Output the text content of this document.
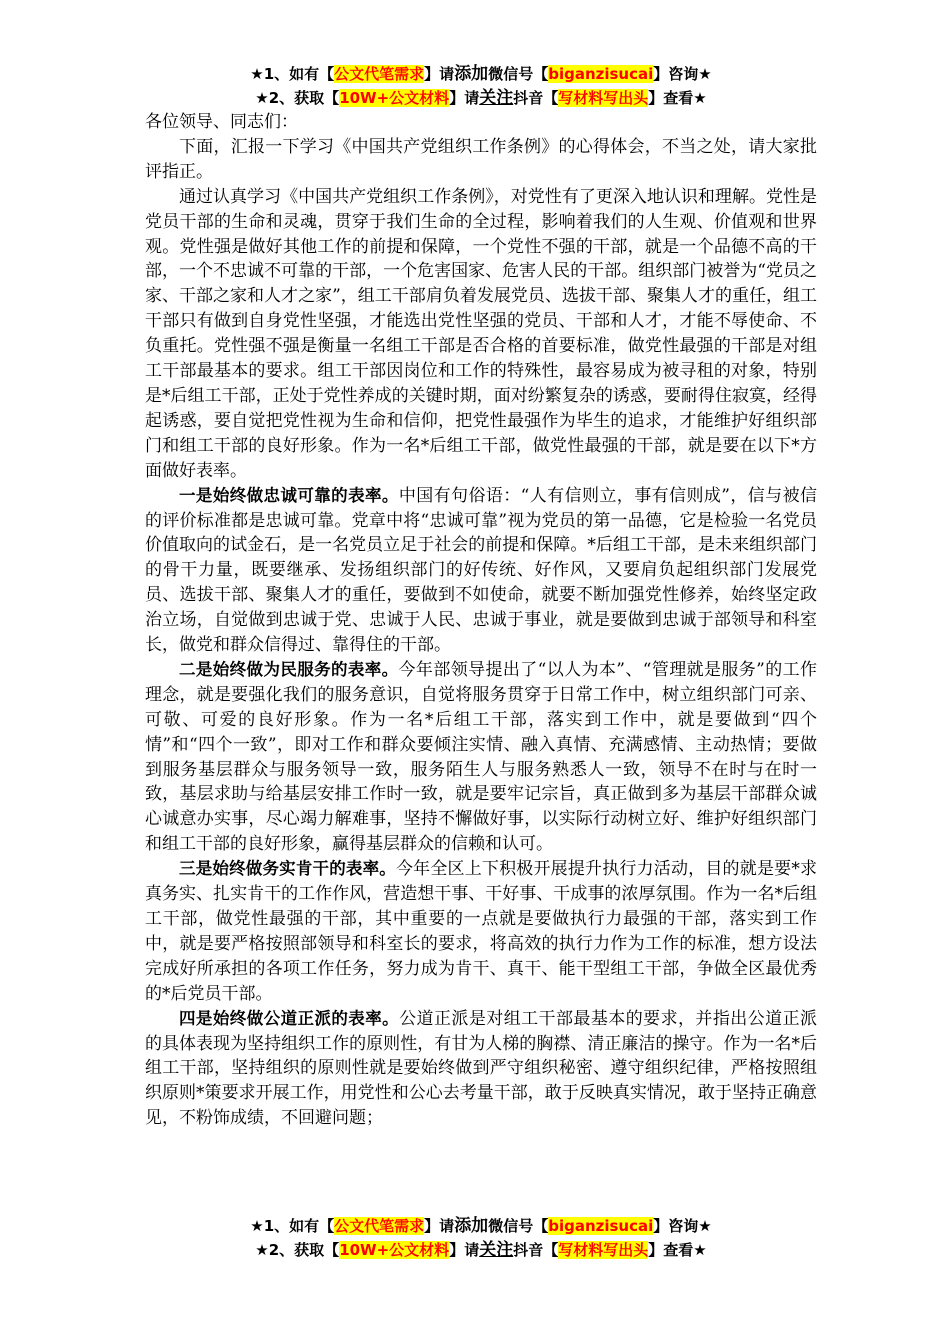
★1、如有【公文代笔需求】请添加微信号【biganzisucai】咨询★
★2、获取【10W+公文材料】请关注抖音【写材料写出头】查看★

各位领导、同志们：

下面，汇报一下学习《中国共产党组织工作条例》的心得体会，不当之处，请大家批评指正。

通过认真学习《中国共产党组织工作条例》，对党性有了更深入地认识和理解。党性是党员干部的生命和灵魂，贯穿于我们生命的全过程，影响着我们的人生观、价值观和世界观。党性强是做好其他工作的前提和保障，一个党性不强的干部，就是一个品德不高的干部，一个不忠诚不可靠的干部，一个危害国家、危害人民的干部。组织部门被誉为“党员之家、干部之家和人才之家”，组工干部肩负着发展党员、选拔干部、聚集人才的重任，组工干部只有做到自身党性坚强，才能选出党性坚强的党员、干部和人才，才能不辱使命、不负重托。党性强不强是衡量一名组工干部是否合格的首要标准，做党性最强的干部是对组工干部最基本的要求。组工干部因岗位和工作的特殊性，最容易成为被寻租的对象，特别是*后组工干部，正处于党性养成的关键时期，面对纷繁复杂的诱惑，要耐得住寂寞，经得起诱惑，要自觉把党性视为生命和信仰，把党性最强作为毕生的追求，才能维护好组织部门和组工干部的良好形象。作为一名*后组工干部，做党性最强的干部，就是要在以下*方面做好表率。

一是始终做忠诚可靠的表率。中国有句俗语：“人有信则立，事有信则成”，信与被信的评价标准都是忠诚可靠。党章中将“忠诚可靠”视为党员的第一品德，它是检验一名党员价值取向的试金石，是一名党员立足于社会的前提和保障。*后组工干部，是未来组织部门的骨干力量，既要继承、发扬组织部门的好传统、好作风，又要肩负起组织部门发展党员、选拔干部、聚集人才的重任，要做到不如使命，就要不断加强党性修养，始终坚定政治立场，自觉做到忠诚于党、忠诚于人民、忠诚于事业，就是要做到忠诚于部领导和科室长，做党和群众信得过、靠得住的干部。

二是始终做为民服务的表率。今年部领导提出了“以人为本”、“管理就是服务”的工作理念，就是要强化我们的服务意识，自觉将服务贯穿于日常工作中，树立组织部门可亲、可敬、可爱的良好形象。作为一名*后组工干部，落实到工作中，就是要做到“四个情”和“四个一致”，即对工作和群众要倾注实情、融入真情、充满感情、主动热情；要做到服务基层群众与服务领导一致，服务陌生人与服务熟悉人一致，领导不在时与在时一致，基层求助与给基层安排工作时一致，就是要牢记宗旨，真正做到多为基层干部群众诚心诚意办实事，尽心竭力解难事，坚持不懈做好事，以实际行动树立好、维护好组织部门和组工干部的良好形象，赢得基层群众的信赖和认可。

三是始终做务实肯干的表率。今年全区上下积极开展提升执行力活动，目的就是要*求真务实、扎实肯干的工作作风，营造想干事、干好事、干成事的浓厚氛围。作为一名*后组工干部，做党性最强的干部，其中重要的一点就是要做执行力最强的干部，落实到工作中，就是要严格按照部领导和科室长的要求，将高效的执行力作为工作的标准，想方设法完成好所承担的各项工作任务，努力成为肯干、真干、能干型组工干部，争做全区最优秀的*后党员干部。

四是始终做公道正派的表率。公道正派是对组工干部最基本的要求，并指出公道正派的具体表现为坚持组织工作的原则性，有甘为人梯的胸襟、清正廉洁的操守。作为一名*后组工干部，坚持组织的原则性就是要始终做到严守组织秘密、遵守组织纪律，严格按照组织原则*策要求开展工作，用党性和公心去考量干部，敢于反映真实情况，敢于坚持正确意见，不粉饰成绩，不回避问题；

★1、如有【公文代笔需求】请添加微信号【biganzisucai】咨询★
★2、获取【10W+公文材料】请关注抖音【写材料写出头】查看★
